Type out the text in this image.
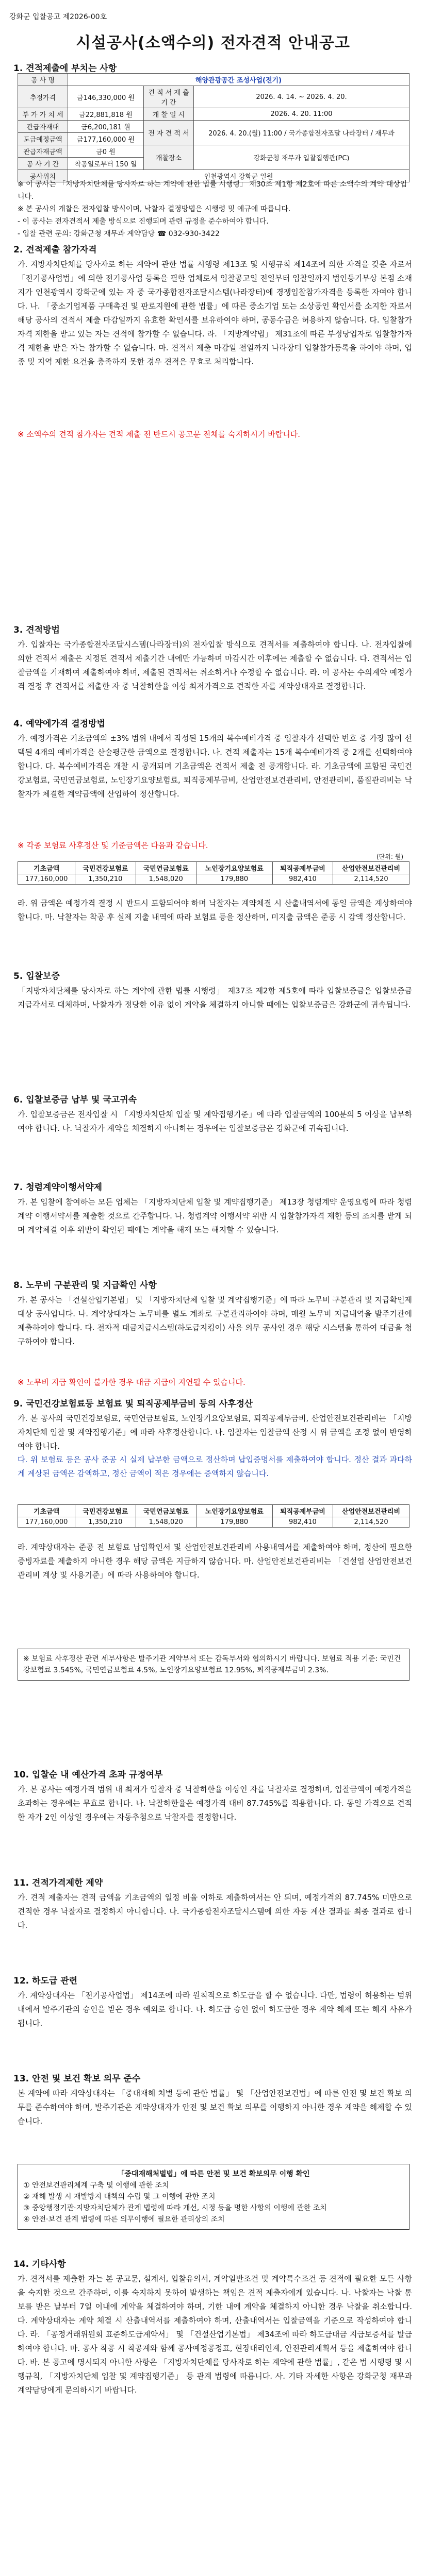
강화군 입찰공고 제2026-00호
시설공사(소액수의) 전자견적 안내공고
1. 견적제출에 부치는 사항
공 사 명	해양관광공간 조성사업(전기)		
추정가격	금146,330,000 원	견 적 서 제 출 기 간	2026. 4. 14. ~ 2026. 4. 20.
부 가 가 치 세	금22,881,818 원	개 찰 일 시	2026. 4. 20. 11:00
관급자재대	금6,200,181 원	전 자 견 적 서	2026. 4. 20.(월) 11:00 / 국가종합전자조달 나라장터 / 재무과
도급예정금액	금177,160,000 원		
관급자재금액	금0 원	개찰장소	강화군청 재무과 입찰집행관(PC)
공 사 기 간	착공일로부터 150 일		
공사위치	인천광역시 강화군 일원		
※ 이 공사는 「지방자치단체를 당사자로 하는 계약에 관한 법률 시행령」 제30조 제1항 제2호에 따른 소액수의 계약 대상입니다.
※ 본 공사의 개찰은 전자입찰 방식이며, 낙찰자 결정방법은 시행령 및 예규에 따릅니다.
- 이 공사는 전자견적서 제출 방식으로 진행되며 관련 규정을 준수하여야 합니다.
- 입찰 관련 문의: 강화군청 재무과 계약담당 ☎ 032-930-3422
2. 견적제출 참가자격
가. 지방자치단체를 당사자로 하는 계약에 관한 법률 시행령 제13조 및 시행규칙 제14조에 의한 자격을 갖춘 자로서 「전기공사업법」에 의한 전기공사업 등록을 필한 업체로서 입찰공고일 전일부터 입찰일까지 법인등기부상 본점 소재지가 인천광역시 강화군에 있는 자 중 국가종합전자조달시스템(나라장터)에 경쟁입찰참가자격을 등록한 자여야 합니다. 나. 「중소기업제품 구매촉진 및 판로지원에 관한 법률」에 따른 중소기업 또는 소상공인 확인서를 소지한 자로서 해당 공사의 견적서 제출 마감일까지 유효한 확인서를 보유하여야 하며, 공동수급은 허용하지 않습니다. 다. 입찰참가자격 제한을 받고 있는 자는 견적에 참가할 수 없습니다. 라. 「지방계약법」 제31조에 따른 부정당업자로 입찰참가자격 제한을 받은 자는 참가할 수 없습니다. 마. 견적서 제출 마감일 전일까지 나라장터 입찰참가등록을 하여야 하며, 업종 및 지역 제한 요건을 충족하지 못한 경우 견적은 무효로 처리합니다.
※ 소액수의 견적 참가자는 견적 제출 전 반드시 공고문 전체를 숙지하시기 바랍니다.
3. 견적방법
가. 입찰자는 국가종합전자조달시스템(나라장터)의 전자입찰 방식으로 견적서를 제출하여야 합니다. 나. 전자입찰에 의한 견적서 제출은 지정된 견적서 제출기간 내에만 가능하며 마감시간 이후에는 제출할 수 없습니다. 다. 견적서는 입찰금액을 기재하여 제출하여야 하며, 제출된 견적서는 취소하거나 수정할 수 없습니다. 라. 이 공사는 수의계약 예정가격 결정 후 견적서를 제출한 자 중 낙찰하한율 이상 최저가격으로 견적한 자를 계약상대자로 결정합니다.
4. 예약에가격 결정방법
가. 예정가격은 기초금액의 ±3% 범위 내에서 작성된 15개의 복수예비가격 중 입찰자가 선택한 번호 중 가장 많이 선택된 4개의 예비가격을 산술평균한 금액으로 결정합니다. 나. 견적 제출자는 15개 복수예비가격 중 2개를 선택하여야 합니다. 다. 복수예비가격은 개찰 시 공개되며 기초금액은 견적서 제출 전 공개합니다. 라. 기초금액에 포함된 국민건강보험료, 국민연금보험료, 노인장기요양보험료, 퇴직공제부금비, 산업안전보건관리비, 안전관리비, 품질관리비는 낙찰자가 체결한 계약금액에 산입하여 정산합니다.
※ 각종 보험료 사후정산 및 기준금액은 다음과 같습니다.
(단위: 원)
기초금액	국민건강보험료	국민연금보험료	노인장기요양보험료	퇴직공제부금비	산업안전보건관리비
177,160,000	1,350,210	1,548,020	179,880	982,410	2,114,520
라. 위 금액은 예정가격 결정 시 반드시 포함되어야 하며 낙찰자는 계약체결 시 산출내역서에 동일 금액을 계상하여야 합니다. 마. 낙찰자는 착공 후 실제 지출 내역에 따라 보험료 등을 정산하며, 미지출 금액은 준공 시 감액 정산합니다.
5. 입찰보증
「지방자치단체를 당사자로 하는 계약에 관한 법률 시행령」 제37조 제2항 제5호에 따라 입찰보증금은 입찰보증금 지급각서로 대체하며, 낙찰자가 정당한 이유 없이 계약을 체결하지 아니할 때에는 입찰보증금은 강화군에 귀속됩니다.
6. 입찰보증금 납부 및 국고귀속
가. 입찰보증금은 전자입찰 시 「지방자치단체 입찰 및 계약집행기준」에 따라 입찰금액의 100분의 5 이상을 납부하여야 합니다. 나. 낙찰자가 계약을 체결하지 아니하는 경우에는 입찰보증금은 강화군에 귀속됩니다.
7. 청렴계약이행서약제
가. 본 입찰에 참여하는 모든 업체는 「지방자치단체 입찰 및 계약집행기준」 제13장 청렴계약 운영요령에 따라 청렴계약 이행서약서를 제출한 것으로 간주합니다. 나. 청렴계약 이행서약 위반 시 입찰참가자격 제한 등의 조치를 받게 되며 계약체결 이후 위반이 확인된 때에는 계약을 해제 또는 해지할 수 있습니다.
8. 노무비 구분관리 및 지급확인 사항
가. 본 공사는 「건설산업기본법」 및 「지방자치단체 입찰 및 계약집행기준」에 따라 노무비 구분관리 및 지급확인제 대상 공사입니다. 나. 계약상대자는 노무비를 별도 계좌로 구분관리하여야 하며, 매월 노무비 지급내역을 발주기관에 제출하여야 합니다. 다. 전자적 대금지급시스템(하도급지킴이) 사용 의무 공사인 경우 해당 시스템을 통하여 대금을 청구하여야 합니다.
※ 노무비 지급 확인이 불가한 경우 대금 지급이 지연될 수 있습니다.
9. 국민건강보험료등 보험료 및 퇴직공제부금비 등의 사후정산
가. 본 공사의 국민건강보험료, 국민연금보험료, 노인장기요양보험료, 퇴직공제부금비, 산업안전보건관리비는 「지방자치단체 입찰 및 계약집행기준」에 따라 사후정산합니다. 나. 입찰자는 입찰금액 산정 시 위 금액을 조정 없이 반영하여야 합니다.
다. 위 보험료 등은 공사 준공 시 실제 납부한 금액으로 정산하며 납입증명서를 제출하여야 합니다. 정산 결과 과다하게 계상된 금액은 감액하고, 정산 금액이 적은 경우에는 증액하지 않습니다.
기초금액	국민건강보험료	국민연금보험료	노인장기요양보험료	퇴직공제부금비	산업안전보건관리비
177,160,000	1,350,210	1,548,020	179,880	982,410	2,114,520
라. 계약상대자는 준공 전 보험료 납입확인서 및 산업안전보건관리비 사용내역서를 제출하여야 하며, 정산에 필요한 증빙자료를 제출하지 아니한 경우 해당 금액은 지급하지 않습니다. 마. 산업안전보건관리비는 「건설업 산업안전보건관리비 계상 및 사용기준」에 따라 사용하여야 합니다.
※ 보험료 사후정산 관련 세부사항은 발주기관 계약부서 또는 감독부서와 협의하시기 바랍니다. 보험료 적용 기준: 국민건강보험료 3.545%, 국민연금보험료 4.5%, 노인장기요양보험료 12.95%, 퇴직공제부금비 2.3%.
10. 입찰순 내 예산가격 초과 규정여부
가. 본 공사는 예정가격 범위 내 최저가 입찰자 중 낙찰하한율 이상인 자를 낙찰자로 결정하며, 입찰금액이 예정가격을 초과하는 경우에는 무효로 합니다. 나. 낙찰하한율은 예정가격 대비 87.745%를 적용합니다. 다. 동일 가격으로 견적한 자가 2인 이상일 경우에는 자동추첨으로 낙찰자를 결정합니다.
11. 견적가격제한 제약
가. 견적 제출자는 견적 금액을 기초금액의 일정 비율 이하로 제출하여서는 안 되며, 예정가격의 87.745% 미만으로 견적한 경우 낙찰자로 결정하지 아니합니다. 나. 국가종합전자조달시스템에 의한 자동 계산 결과를 최종 결과로 합니다.
12. 하도급 관련
가. 계약상대자는 「전기공사업법」 제14조에 따라 원칙적으로 하도급을 할 수 없습니다. 다만, 법령이 허용하는 범위 내에서 발주기관의 승인을 받은 경우 예외로 합니다. 나. 하도급 승인 없이 하도급한 경우 계약 해제 또는 해지 사유가 됩니다.
13. 안전 및 보건 확보 의무 준수
본 계약에 따라 계약상대자는 「중대재해 처벌 등에 관한 법률」 및 「산업안전보건법」에 따른 안전 및 보건 확보 의무를 준수하여야 하며, 발주기관은 계약상대자가 안전 및 보건 확보 의무를 이행하지 아니한 경우 계약을 해제할 수 있습니다.
「중대재해처벌법」에 따른 안전 및 보건 확보의무 이행 확인
① 안전보건관리체계 구축 및 이행에 관한 조치
② 재해 발생 시 재발방지 대책의 수립 및 그 이행에 관한 조치
③ 중앙행정기관·지방자치단체가 관계 법령에 따라 개선, 시정 등을 명한 사항의 이행에 관한 조치
④ 안전·보건 관계 법령에 따른 의무이행에 필요한 관리상의 조치
14. 기타사항
가. 견적서를 제출한 자는 본 공고문, 설계서, 입찰유의서, 계약일반조건 및 계약특수조건 등 견적에 필요한 모든 사항을 숙지한 것으로 간주하며, 이를 숙지하지 못하여 발생하는 책임은 견적 제출자에게 있습니다. 나. 낙찰자는 낙찰 통보를 받은 날부터 7일 이내에 계약을 체결하여야 하며, 기한 내에 계약을 체결하지 아니한 경우 낙찰을 취소합니다. 다. 계약상대자는 계약 체결 시 산출내역서를 제출하여야 하며, 산출내역서는 입찰금액을 기준으로 작성하여야 합니다. 라. 「공정거래위원회 표준하도급계약서」 및 「건설산업기본법」 제34조에 따라 하도급대금 지급보증서를 발급하여야 합니다. 마. 공사 착공 시 착공계와 함께 공사예정공정표, 현장대리인계, 안전관리계획서 등을 제출하여야 합니다. 바. 본 공고에 명시되지 아니한 사항은 「지방자치단체를 당사자로 하는 계약에 관한 법률」, 같은 법 시행령 및 시행규칙, 「지방자치단체 입찰 및 계약집행기준」 등 관계 법령에 따릅니다. 사. 기타 자세한 사항은 강화군청 재무과 계약담당에게 문의하시기 바랍니다.
